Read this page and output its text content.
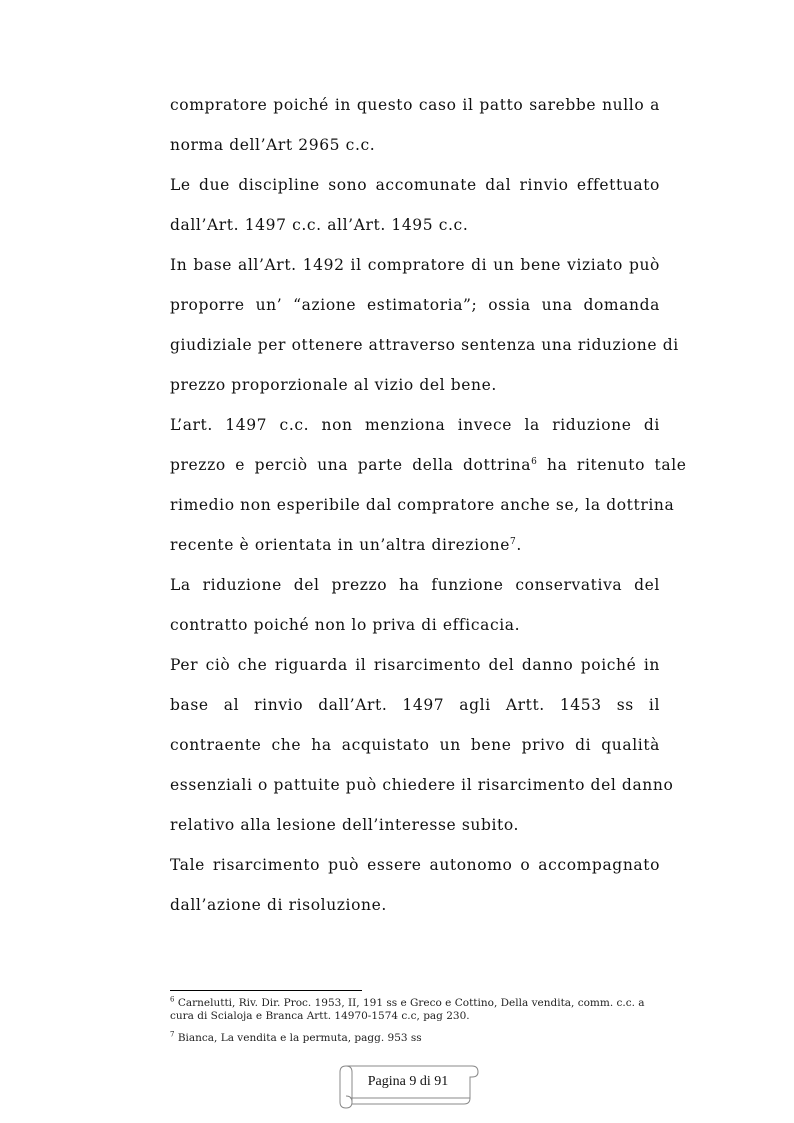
compratore poiché in questo caso il patto sarebbe nullo a
norma dell’Art 2965 c.c.
Le due discipline sono accomunate dal rinvio effettuato
dall’Art. 1497 c.c. all’Art. 1495 c.c.
In base all’Art. 1492 il compratore di un bene viziato può
proporre un’ “azione estimatoria”; ossia una domanda
giudiziale per ottenere attraverso sentenza una riduzione di
prezzo proporzionale al vizio del bene.
L’art. 1497 c.c. non menziona invece la riduzione di
prezzo e perciò una parte della dottrina$^6$ ha ritenuto tale
rimedio non esperibile dal compratore anche se, la dottrina
recente è orientata in un’altra direzione$^7$.
La riduzione del prezzo ha funzione conservativa del
contratto poiché non lo priva di efficacia.
Per ciò che riguarda il risarcimento del danno poiché in
base al rinvio dall’Art. 1497 agli Artt. 1453 ss il
contraente che ha acquistato un bene privo di qualità
essenziali o pattuite può chiedere il risarcimento del danno
relativo alla lesione dell’interesse subito.
Tale risarcimento può essere autonomo o accompagnato
dall’azione di risoluzione.

$^6$ Carnelutti, Riv. Dir. Proc. 1953, II, 191 ss e Greco e Cottino, Della vendita, comm. c.c. a cura di Scialoja e Branca Artt. 14970-1574 c.c, pag 230.

$^7$ Bianca, La vendita e la permuta, pagg. 953 ss

Pagina 9 di 91
